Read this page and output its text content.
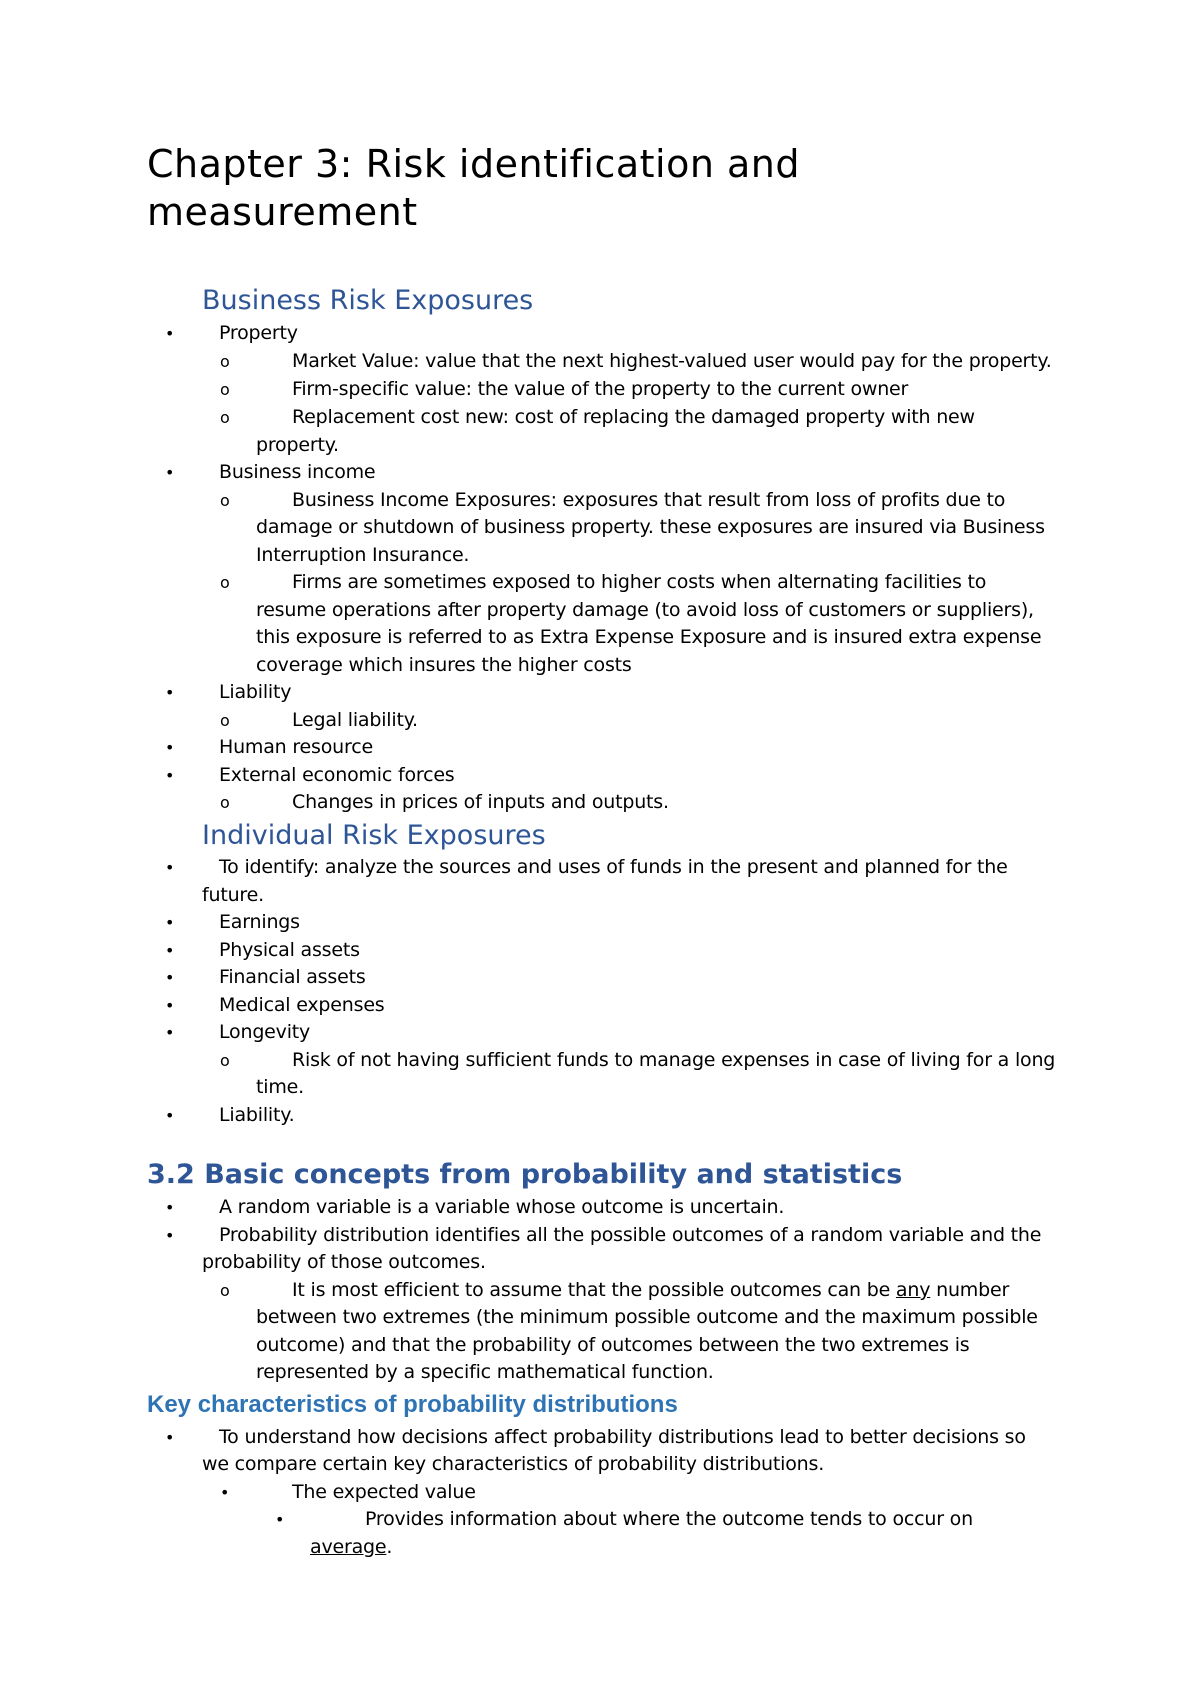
Chapter 3: Risk identification and measurement
Business Risk Exposures
• Property
o	Market Value: value that the next highest-valued user would pay for the property.
o	Firm-specific value: the value of the property to the current owner
o	Replacement cost new: cost of replacing the damaged property with new
property.
• Business income
o	Business Income Exposures: exposures that result from loss of profits due to
damage or shutdown of business property. these exposures are insured via Business
Interruption Insurance.
o	Firms are sometimes exposed to higher costs when alternating facilities to
resume operations after property damage (to avoid loss of customers or suppliers),
this exposure is referred to as Extra Expense Exposure and is insured extra expense
coverage which insures the higher costs
• Liability
o	Legal liability.
• Human resource
• External economic forces
o	Changes in prices of inputs and outputs.
Individual Risk Exposures
• To identify: analyze the sources and uses of funds in the present and planned for the
future.
• Earnings
• Physical assets
• Financial assets
• Medical expenses
• Longevity
o	Risk of not having sufficient funds to manage expenses in case of living for a long
time.
• Liability.
3.2 Basic concepts from probability and statistics
• A random variable is a variable whose outcome is uncertain.
• Probability distribution identifies all the possible outcomes of a random variable and the
probability of those outcomes.
o	It is most efficient to assume that the possible outcomes can be any number
between two extremes (the minimum possible outcome and the maximum possible
outcome) and that the probability of outcomes between the two extremes is
represented by a specific mathematical function.
Key characteristics of probability distributions
• To understand how decisions affect probability distributions lead to better decisions so
we compare certain key characteristics of probability distributions.
•	The expected value
•	Provides information about where the outcome tends to occur on
average.
